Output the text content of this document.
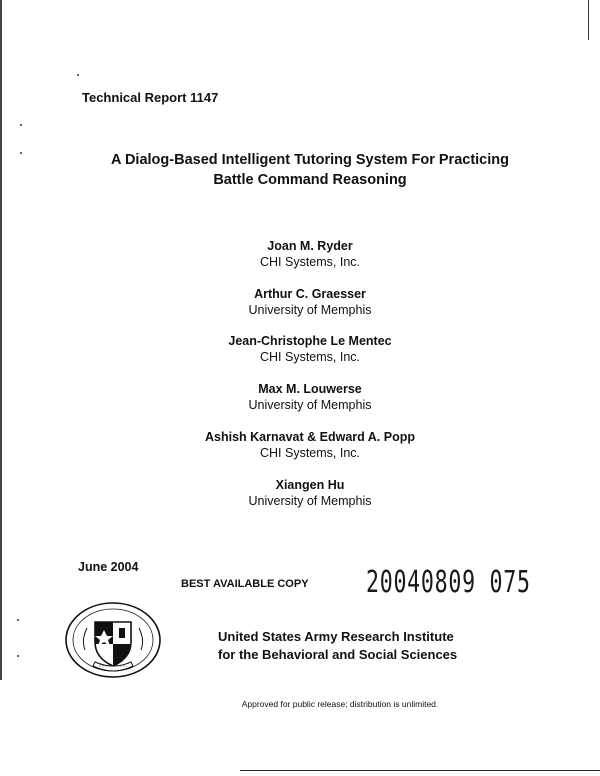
Technical Report 1147
A Dialog-Based Intelligent Tutoring System For Practicing
Battle Command Reasoning
Joan M. Ryder
CHI Systems, Inc.
Arthur C. Graesser
University of Memphis
Jean-Christophe Le Mentec
CHI Systems, Inc.
Max M. Louwerse
University of Memphis
Ashish Karnavat & Edward A. Popp
CHI Systems, Inc.
Xiangen Hu
University of Memphis
June 2004
BEST AVAILABLE COPY 20040809 075
United States Army Research Institute
for the Behavioral and Social Sciences
Approved for public release; distribution is unlimited.
